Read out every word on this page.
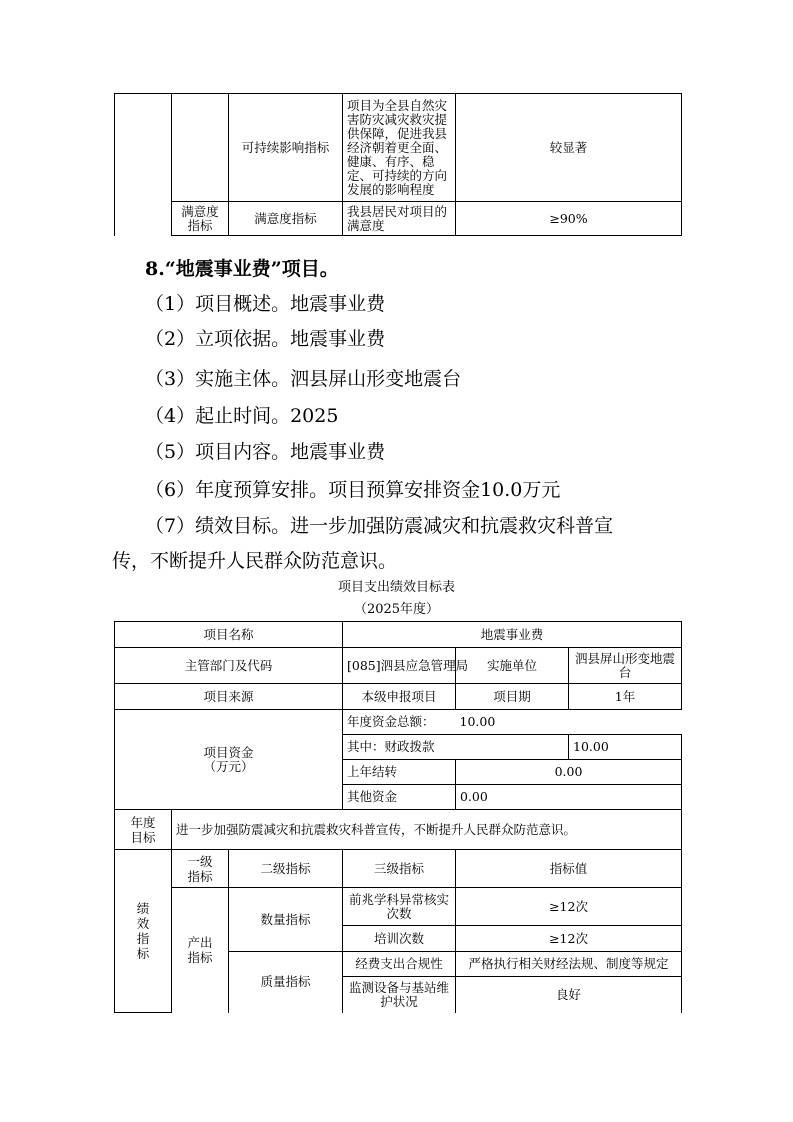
		可持续影响指标	项目为全县自然灾害防灾减灾救灾提供保障，促进我县经济朝着更全面、健康、有序、稳定、可持续的方向发展的影响程度	较显著
	满意度指标	满意度指标	我县居民对项目的满意度	≥90%
8.“地震事业费”项目。
（1）项目概述。地震事业费
（2）立项依据。地震事业费
（3）实施主体。泗县屏山形变地震台
（4）起止时间。2025
（5）项目内容。地震事业费
（6）年度预算安排。项目预算安排资金10.0万元
（7）绩效目标。进一步加强防震减灾和抗震救灾科普宣
传，不断提升人民群众防范意识。
项目支出绩效目标表
（2025年度）
项目名称	地震事业费
主管部门及代码	[085]泗县应急管理局	实施单位	泗县屏山形变地震台
项目来源	本级申报项目	项目期	1年
项目资金
（万元）	年度资金总额：	10.00
其中：财政拨款	10.00
上年结转	0.00
其他资金	0.00
年度目标	进一步加强防震减灾和抗震救灾科普宣传，不断提升人民群众防范意识。
绩效指标	一级指标	二级指标	三级指标	指标值
产出指标	数量指标	前兆学科异常核实次数	≥12次
培训次数	≥12次
质量指标	经费支出合规性	严格执行相关财经法规、制度等规定
监测设备与基站维护状况	良好
